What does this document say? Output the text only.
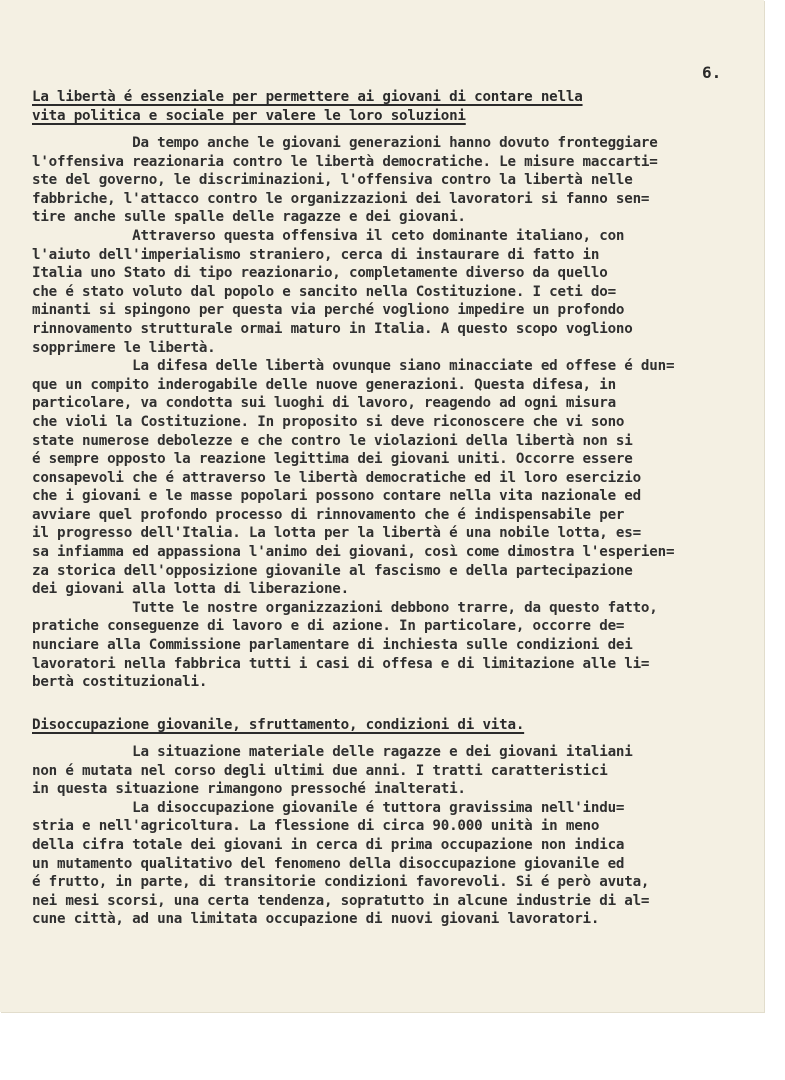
6.
La libertà é essenziale per permettere ai giovani di contare nella
vita politica e sociale per valere le loro soluzioni
Da tempo anche le giovani generazioni hanno dovuto fronteggiare
l'offensiva reazionaria contro le libertà democratiche. Le misure maccarti=
ste del governo, le discriminazioni, l'offensiva contro la libertà nelle
fabbriche, l'attacco contro le organizzazioni dei lavoratori si fanno sen=
tire anche sulle spalle delle ragazze e dei giovani.
Attraverso questa offensiva il ceto dominante italiano, con
l'aiuto dell'imperialismo straniero, cerca di instaurare di fatto in
Italia uno Stato di tipo reazionario, completamente diverso da quello
che é stato voluto dal popolo e sancito nella Costituzione. I ceti do=
minanti si spingono per questa via perché vogliono impedire un profondo
rinnovamento strutturale ormai maturo in Italia. A questo scopo vogliono
sopprimere le libertà.
La difesa delle libertà ovunque siano minacciate ed offese é dun=
que un compito inderogabile delle nuove generazioni. Questa difesa, in
particolare, va condotta sui luoghi di lavoro, reagendo ad ogni misura
che violi la Costituzione. In proposito si deve riconoscere che vi sono
state numerose debolezze e che contro le violazioni della libertà non si
é sempre opposto la reazione legittima dei giovani uniti. Occorre essere
consapevoli che é attraverso le libertà democratiche ed il loro esercizio
che i giovani e le masse popolari possono contare nella vita nazionale ed
avviare quel profondo processo di rinnovamento che é indispensabile per
il progresso dell'Italia. La lotta per la libertà é una nobile lotta, es=
sa infiamma ed appassiona l'animo dei giovani, così come dimostra l'esperien=
za storica dell'opposizione giovanile al fascismo e della partecipazione
dei giovani alla lotta di liberazione.
Tutte le nostre organizzazioni debbono trarre, da questo fatto,
pratiche conseguenze di lavoro e di azione. In particolare, occorre de=
nunciare alla Commissione parlamentare di inchiesta sulle condizioni dei
lavoratori nella fabbrica tutti i casi di offesa e di limitazione alle li=
bertà costituzionali.
Disoccupazione giovanile, sfruttamento, condizioni di vita.
La situazione materiale delle ragazze e dei giovani italiani
non é mutata nel corso degli ultimi due anni. I tratti caratteristici
in questa situazione rimangono pressoché inalterati.
La disoccupazione giovanile é tuttora gravissima nell'indu=
stria e nell'agricoltura. La flessione di circa 90.000 unità in meno
della cifra totale dei giovani in cerca di prima occupazione non indica
un mutamento qualitativo del fenomeno della disoccupazione giovanile ed
é frutto, in parte, di transitorie condizioni favorevoli. Si é però avuta,
nei mesi scorsi, una certa tendenza, sopratutto in alcune industrie di al=
cune città, ad una limitata occupazione di nuovi giovani lavoratori.
